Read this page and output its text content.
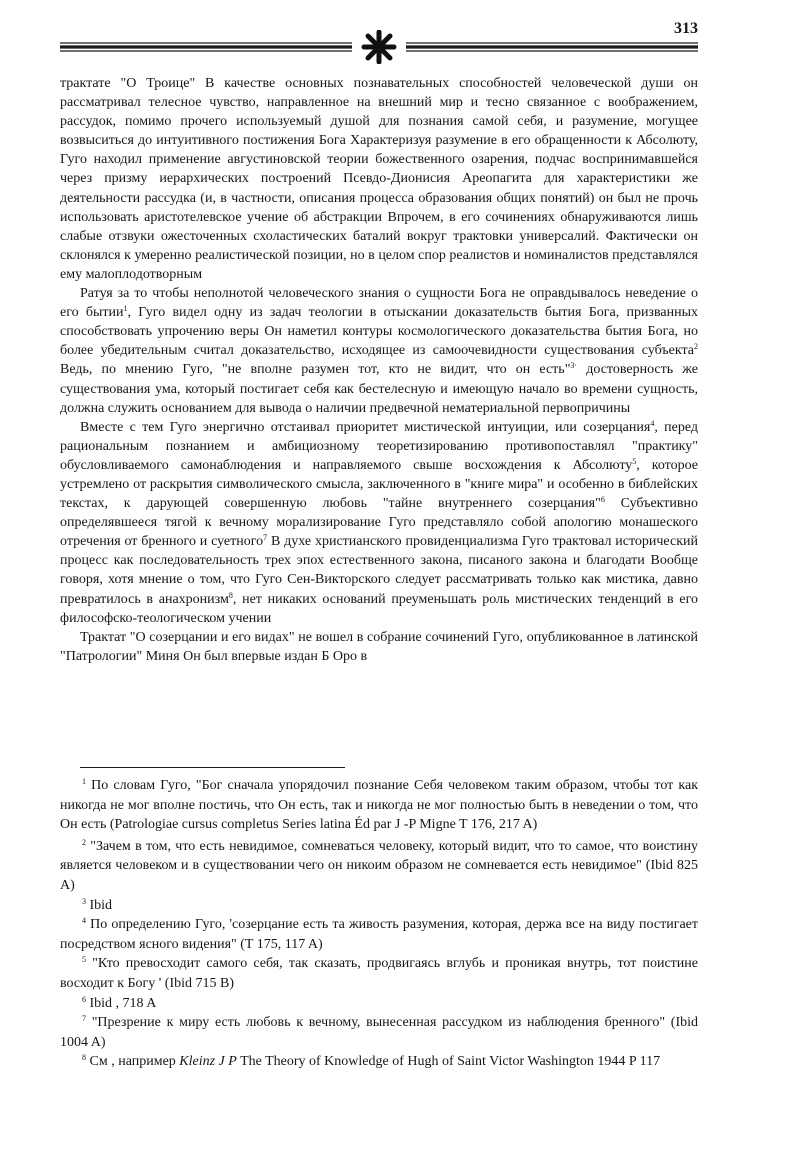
313

трактате "О Троице" В качестве основных познавательных способностей человеческой души он рассматривал телесное чувство, направленное на внешний мир и тесно связанное с воображением, рассудок, помимо прочего используемый душой для познания самой себя, и разумение, могущее возвыситься до интуитивного постижения Бога Характеризуя разумение в его обращенности к Абсолюту, Гуго находил применение августиновской теории божественного озарения, подчас воспринимавшейся через призму иерархических построений Псевдо-Дионисия Ареопагита для характеристики же деятельности рассудка (и, в частности, описания процесса образования общих понятий) он был не прочь использовать аристотелевское учение об абстракции Впрочем, в его сочинениях обнаруживаются лишь слабые отзвуки ожесточенных схоластических баталий вокруг трактовки универсалий. Фактически он склонялся к умеренно реалистической позиции, но в целом спор реалистов и номиналистов представлялся ему малоплодотворным

Ратуя за то чтобы неполнотой человеческого знания о сущности Бога не оправдывалось неведение о его бытии$^1$, Гуго видел одну из задач теологии в отыскании доказательств бытия Бога, призванных способствовать упрочению веры Он наметил контуры космологического доказательства бытия Бога, но более убедительным считал доказательство, исходящее из самоочевидности существования субъекта$^2$ Ведь, по мнению Гуго, "не вполне разумен тот, кто не видит, что он есть"$^{3\cdot}$ достоверность же существования ума, который постигает себя как бестелесную и имеющую начало во времени сущность, должна служить основанием для вывода о наличии предвечной нематериальной первопричины

Вместе с тем Гуго энергично отстаивал приоритет мистической интуиции, или созерцания$^4$, перед рациональным познанием и амбициозному теоретизированию противопоставлял "практику" обусловливаемого самонаблюдения и направляемого свыше восхождения к Абсолюту$^5$, которое устремлено от раскрытия символического смысла, заключенного в "книге мира" и особенно в библейских текстах, к дарующей совершенную любовь "тайне внутреннего созерцания"$^6$ Субъективно определявшееся тягой к вечному морализирование Гуго представляло собой апологию монашеского отречения от бренного и суетного$^7$ В духе христианского провиденциализма Гуго трактовал исторический процесс как последовательность трех эпох естественного закона, писаного закона и благодати Вообще говоря, хотя мнение о том, что Гуго Сен-Викторского следует рассматривать только как мистика, давно превратилось в анахронизм$^8$, нет никаких оснований преуменьшать роль мистических тенденций в его философско-теологическом учении

Трактат "О созерцании и его видах" не вошел в собрание сочинений Гуго, опубликованное в латинской "Патрологии" Миня Он был впервые издан Б Оро в

$^1$ По словам Гуго, "Бог сначала упорядочил познание Себя человеком таким образом, чтобы тот как никогда не мог вполне постичь, что Он есть, так и никогда не мог полностью быть в неведении о том, что Он есть (Patrologiae cursus completus Series latina Éd par J -P Migne T 176, 217 A)

$^2$ "Зачем в том, что есть невидимое, сомневаться человеку, который видит, что то самое, что воистину является человеком и в существовании чего он никоим образом не сомневается есть невидимое" (Ibid 825 A)

$^3$ Ibid

$^4$ По определению Гуго, 'созерцание есть та живость разумения, которая, держа все на виду постигает посредством ясного видения" (T 175, 117 A)

$^5$ "Кто превосходит самого себя, так сказать, продвигаясь вглубь и проникая внутрь, тот поистине восходит к Богу ' (Ibid 715 B)

$^6$ Ibid , 718 A

$^7$ "Презрение к миру есть любовь к вечному, вынесенная рассудком из наблюдения бренного" (Ibid 1004 A)

$^8$ См , например Kleinz J P The Theory of Knowledge of Hugh of Saint Victor Washington 1944 P 117
